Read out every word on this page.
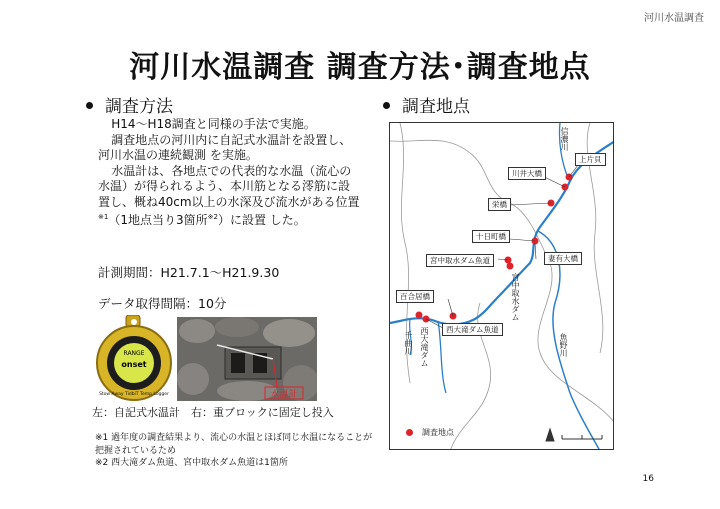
河川水温調査
河川水温調査 調査方法･調査地点
調査方法	調査地点

H14～H18調査と同様の手法で実施。

調査地点の河川内に自記式水温計を設置し、河川水温の連続観測 を実施。

水温計は、各地点での代表的な水温（流心の水温）が得られるよう、本川筋となる澪筋に設置し、概ね40cm以上の水深及び流水がある位置$^{※1}$（1地点当り3箇所$^{※2}$）に設置 した。

計測期間：H21.7.1～H21.9.30
データ取得間隔：10分
RANGE
onset
Stow Away TidbiT Temp Logger	水温計
左：自記式水温計　右：重ブロックに固定し投入
※1 過年度の調査結果より、流心の水温とほぼ同じ水温になることが把握されているため
※2 西大滝ダム魚道、宮中取水ダム魚道は1箇所
上片貝
川井大橋
栄橋
十日町橋
宮中取水ダム魚道	妻有大橋
百合居橋
西大滝ダム魚道
信濃川
宮中取水ダム
西大滝ダム
千曲川	魚野川
調査地点
16
